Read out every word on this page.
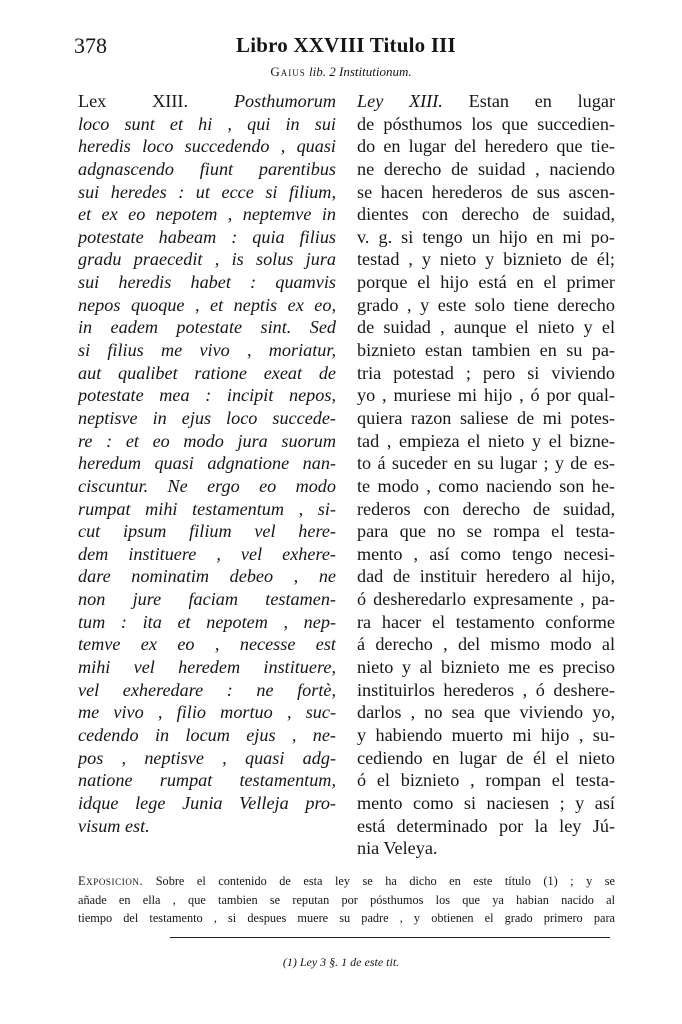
378	Libro XXVIII Titulo III
Gaius lib. 2 Institutionum.
Lex XIII.	Posthumorum
loco sunt et hi , qui in sui
heredis loco succedendo , quasi
adgnascendo fiunt parentibus
sui heredes : ut ecce si filium,
et ex eo nepotem , neptemve in
potestate habeam : quia filius
gradu praecedit , is solus jura
sui heredis habet : quamvis
nepos quoque , et neptis ex eo,
in eadem potestate sint. Sed
si filius me vivo , moriatur,
aut qualibet ratione exeat de
potestate mea : incipit nepos,
neptisve in ejus loco succede-
re : et eo modo jura suorum
heredum quasi adgnatione nan-
ciscuntur. Ne ergo eo modo
rumpat mihi testamentum , si-
cut ipsum filium vel here-
dem instituere , vel exhere-
dare nominatim debeo , ne
non jure faciam testamen-
tum : ita et nepotem , nep-
temve ex eo , necesse est
mihi vel heredem instituere,
vel exheredare : ne fortè,
me vivo , filio mortuo , suc-
cedendo in locum ejus , ne-
pos , neptisve , quasi adg-
natione rumpat testamentum,
idque lege Junia Velleja pro-
visum est.
Ley XIII. Estan en lugar
de pósthumos los que succedien-
do en lugar del heredero que tie-
ne derecho de suidad , naciendo
se hacen herederos de sus ascen-
dientes con derecho de suidad,
v. g. si tengo un hijo en mi po-
testad , y nieto y biznieto de él;
porque el hijo está en el primer
grado , y este solo tiene derecho
de suidad , aunque el nieto y el
biznieto estan tambien en su pa-
tria potestad ; pero si viviendo
yo , muriese mi hijo , ó por qual-
quiera razon saliese de mi potes-
tad , empieza el nieto y el bizne-
to á suceder en su lugar ; y de es-
te modo , como naciendo son he-
rederos con derecho de suidad,
para que no se rompa el testa-
mento , así como tengo necesi-
dad de instituir heredero al hijo,
ó desheredarlo expresamente , pa-
ra hacer el testamento conforme
á derecho , del mismo modo al
nieto y al biznieto me es preciso
instituirlos herederos , ó deshere-
darlos , no sea que viviendo yo,
y habiendo muerto mi hijo , su-
cediendo en lugar de él el nieto
ó el biznieto , rompan el testa-
mento como si naciesen ; y así
está determinado por la ley Jú-
nia Veleya.
Exposicion. Sobre el contenido de esta ley se ha dicho en este título (1) ; y se
añade en ella , que tambien se reputan por pósthumos los que ya habian nacido al
tiempo del testamento , si despues muere su padre , y obtienen el grado primero para
(1) Ley 3 §. 1 de este tit.
